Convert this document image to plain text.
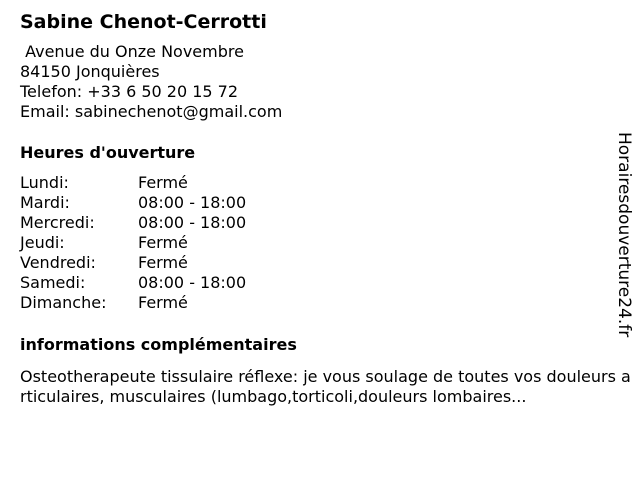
Sabine Chenot-Cerrotti
Avenue du Onze Novembre
84150 Jonquières
Telefon: +33 6 50 20 15 72
Email: sabinechenot@gmail.com
Heures d'ouverture
Lundi:	Fermé
Mardi:	08:00 - 18:00
Mercredi:	08:00 - 18:00
Jeudi:	Fermé
Vendredi:	Fermé
Samedi:	08:00 - 18:00
Dimanche:	Fermé
informations complémentaires
Osteotherapeute tissulaire réflexe: je vous soulage de toutes vos douleurs articulaires, musculaires (lumbago,torticoli,douleurs lombaires...
Horairesdouverture24.fr
